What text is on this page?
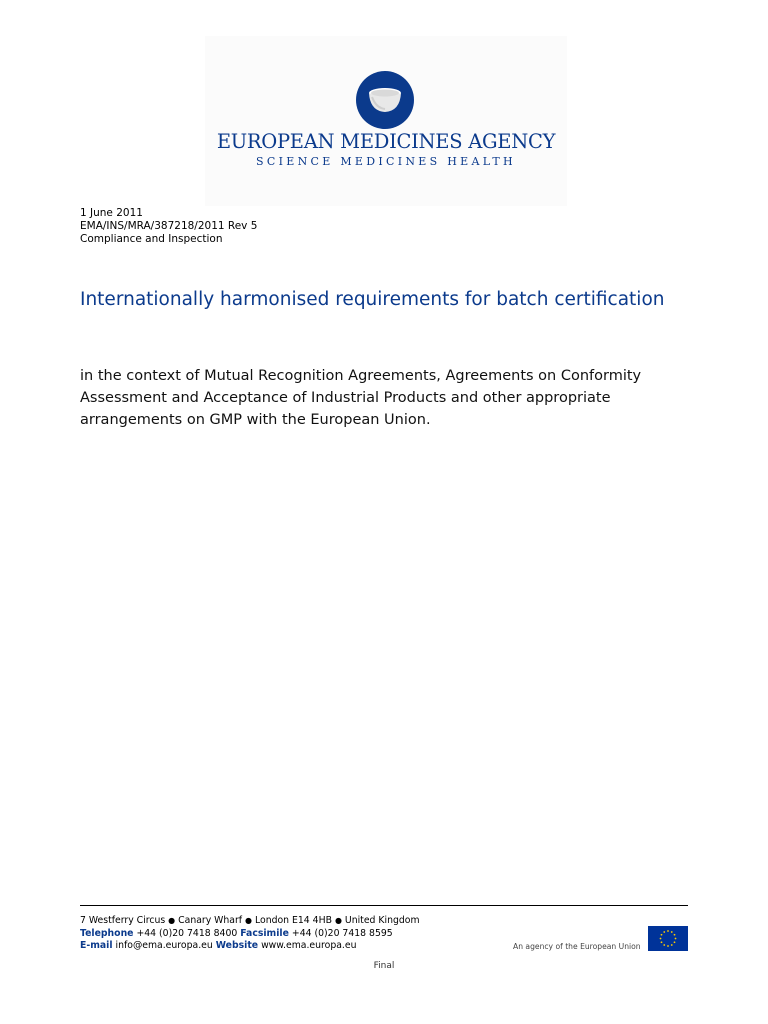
EUROPEAN MEDICINES AGENCY
SCIENCE MEDICINES HEALTH
1 June 2011
EMA/INS/MRA/387218/2011 Rev 5
Compliance and Inspection
Internationally harmonised requirements for batch certification
in the context of Mutual Recognition Agreements, Agreements on Conformity Assessment and Acceptance of Industrial Products and other appropriate arrangements on GMP with the European Union.
7 Westferry Circus ● Canary Wharf ● London E14 4HB ● United Kingdom
Telephone +44 (0)20 7418 8400 Facsimile +44 (0)20 7418 8595
E-mail info@ema.europa.eu Website www.ema.europa.eu	An agency of the European Union
Final
